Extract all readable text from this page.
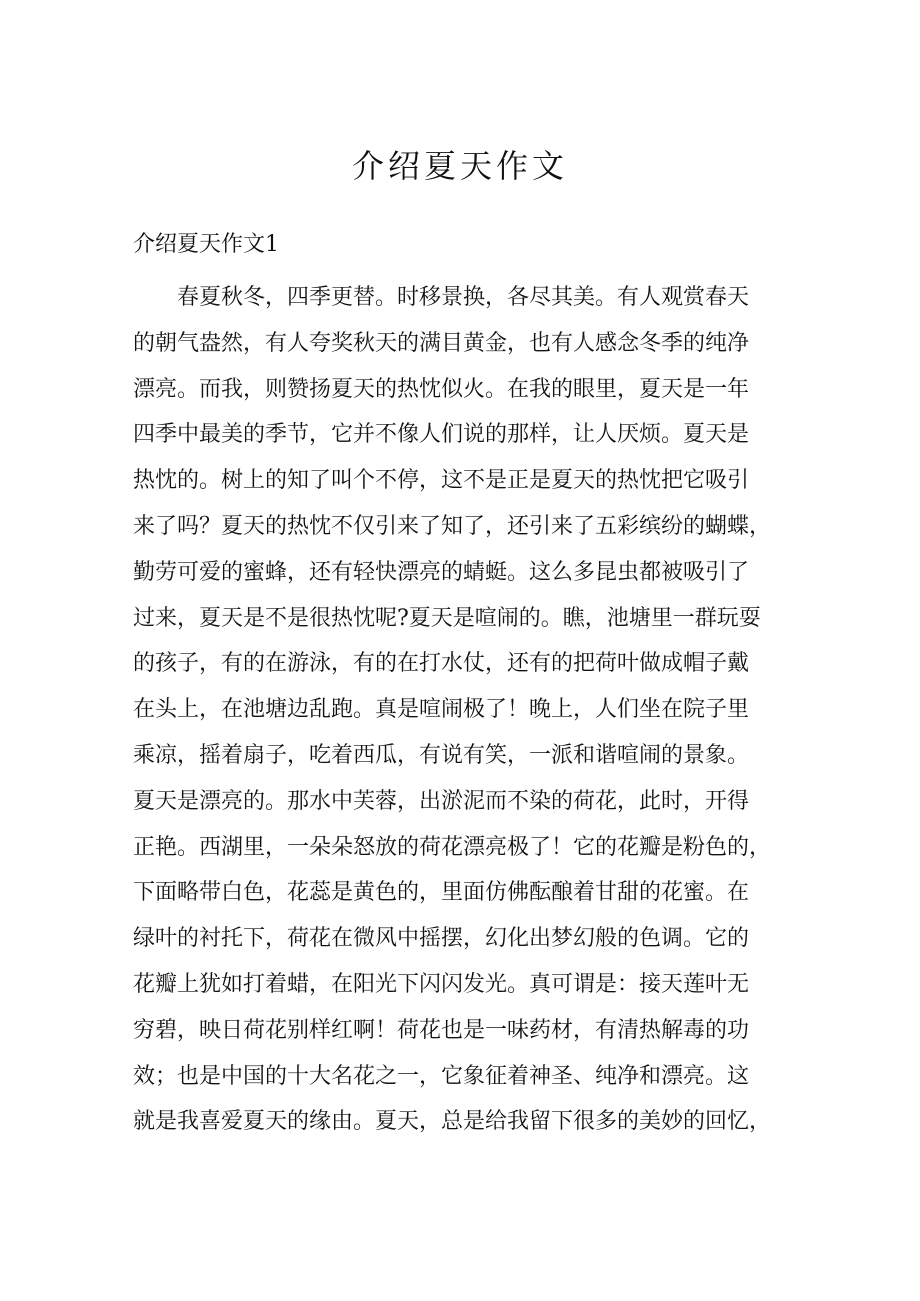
介绍夏天作文
介绍夏天作文1
春夏秋冬，四季更替。时移景换，各尽其美。有人观赏春天
的朝气盎然，有人夸奖秋天的满目黄金，也有人感念冬季的纯净
漂亮。而我，则赞扬夏天的热忱似火。在我的眼里，夏天是一年
四季中最美的季节，它并不像人们说的那样，让人厌烦。夏天是
热忱的。树上的知了叫个不停，这不是正是夏天的热忱把它吸引
来了吗？夏天的热忱不仅引来了知了，还引来了五彩缤纷的蝴蝶，
勤劳可爱的蜜蜂，还有轻快漂亮的蜻蜓。这么多昆虫都被吸引了
过来，夏天是不是很热忱呢?夏天是喧闹的。瞧，池塘里一群玩耍
的孩子，有的在游泳，有的在打水仗，还有的把荷叶做成帽子戴
在头上，在池塘边乱跑。真是喧闹极了！晚上，人们坐在院子里
乘凉，摇着扇子，吃着西瓜，有说有笑，一派和谐喧闹的景象。
夏天是漂亮的。那水中芙蓉，出淤泥而不染的荷花，此时，开得
正艳。西湖里，一朵朵怒放的荷花漂亮极了！它的花瓣是粉色的，
下面略带白色，花蕊是黄色的，里面仿佛酝酿着甘甜的花蜜。在
绿叶的衬托下，荷花在微风中摇摆，幻化出梦幻般的色调。它的
花瓣上犹如打着蜡，在阳光下闪闪发光。真可谓是：接天莲叶无
穷碧，映日荷花别样红啊！荷花也是一味药材，有清热解毒的功
效；也是中国的十大名花之一，它象征着神圣、纯净和漂亮。这
就是我喜爱夏天的缘由。夏天，总是给我留下很多的美妙的回忆，
